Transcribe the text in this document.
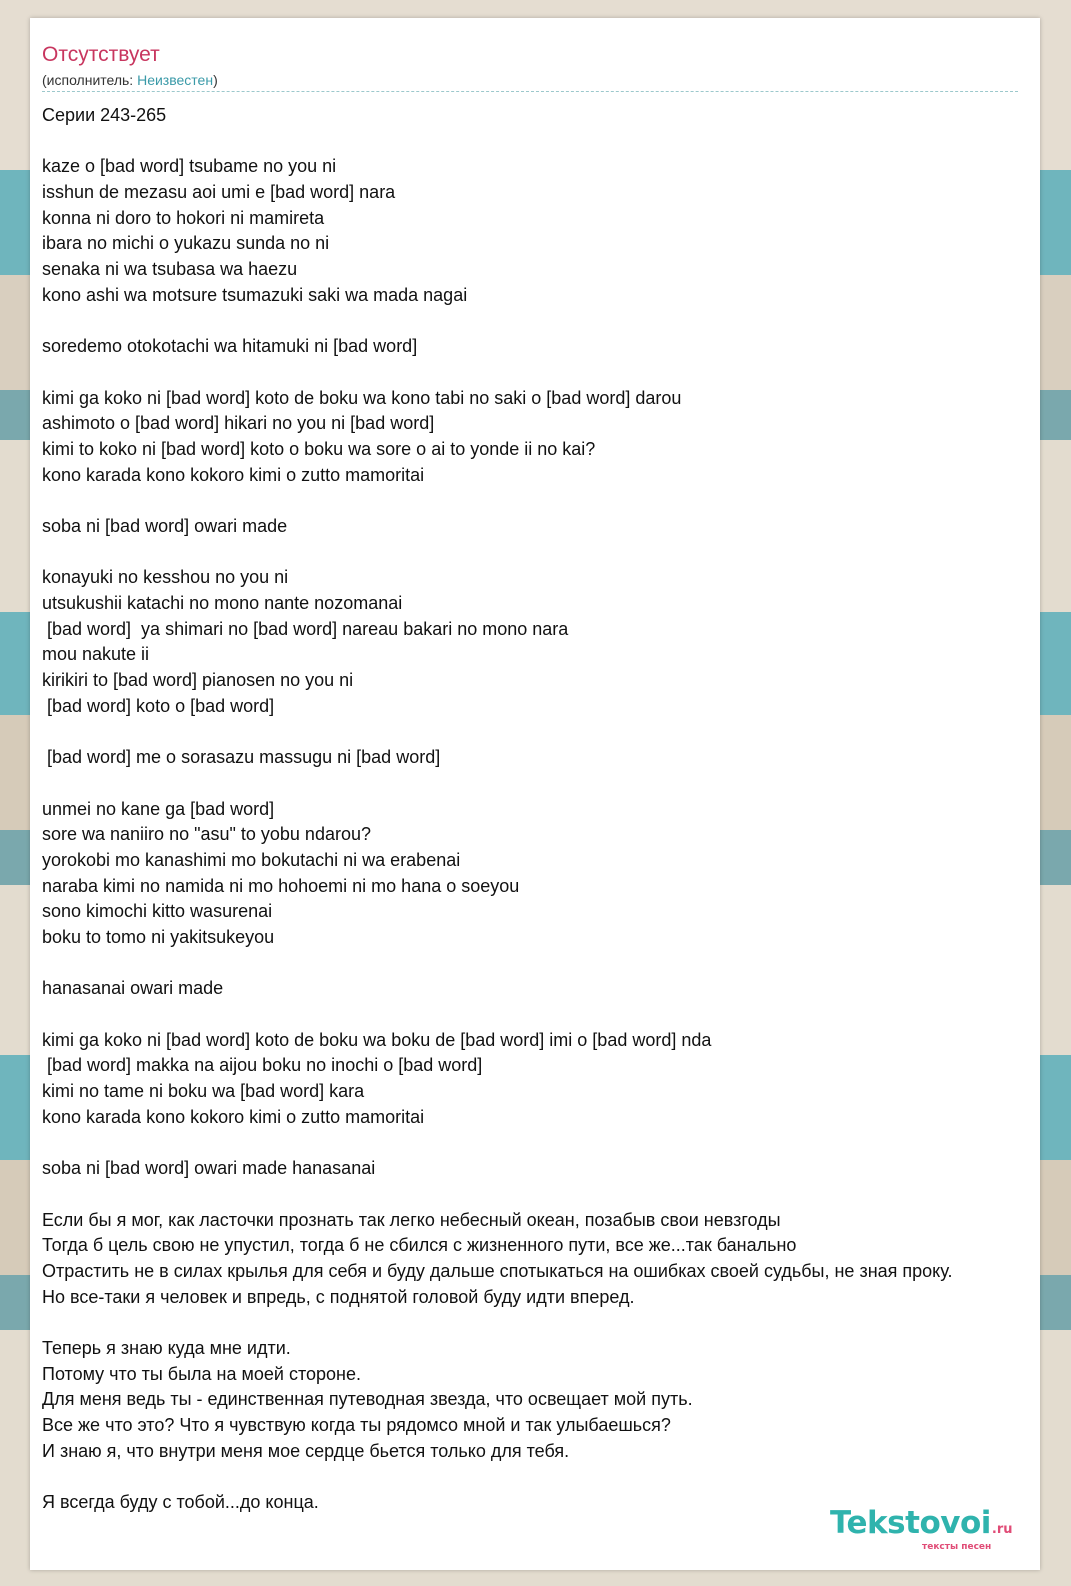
Отсутствует
(исполнитель: Неизвестен)
Серии 243-265
kaze o [bad word] tsubame no you ni
isshun de mezasu aoi umi e [bad word] nara
konna ni doro to hokori ni mamireta
ibara no michi o yukazu sunda no ni
senaka ni wa tsubasa wa haezu
kono ashi wa motsure tsumazuki saki wa mada nagai
soredemo otokotachi wa hitamuki ni [bad word]
kimi ga koko ni [bad word] koto de boku wa kono tabi no saki o [bad word] darou
ashimoto o [bad word] hikari no you ni [bad word]
kimi to koko ni [bad word] koto o boku wa sore o ai to yonde ii no kai?
kono karada kono kokoro kimi o zutto mamoritai
soba ni [bad word] owari made
konayuki no kesshou no you ni
utsukushii katachi no mono nante nozomanai
[bad word]  ya shimari no [bad word] nareau bakari no mono nara
mou nakute ii
kirikiri to [bad word] pianosen no you ni
[bad word] koto o [bad word]
[bad word] me o sorasazu massugu ni [bad word]
unmei no kane ga [bad word]
sore wa naniiro no "asu" to yobu ndarou?
yorokobi mo kanashimi mo bokutachi ni wa erabenai
naraba kimi no namida ni mo hohoemi ni mo hana o soeyou
sono kimochi kitto wasurenai
boku to tomo ni yakitsukeyou
hanasanai owari made
kimi ga koko ni [bad word] koto de boku wa boku de [bad word] imi o [bad word] nda
[bad word] makka na aijou boku no inochi o [bad word]
kimi no tame ni boku wa [bad word] kara
kono karada kono kokoro kimi o zutto mamoritai
soba ni [bad word] owari made hanasanai
Если бы я мог, как ласточки прознать так легко небесный океан, позабыв свои невзгоды
Тогда б цель свою не упустил, тогда б не сбился с жизненного пути, все же...так банально
Отрастить не в силах крылья для себя и буду дальше спотыкаться на ошибках своей судьбы, не зная проку.
Но все-таки я человек и впредь, с поднятой головой буду идти вперед.
Теперь я знаю куда мне идти.
Потому что ты была на моей стороне.
Для меня ведь ты - единственная путеводная звезда, что освещает мой путь.
Все же что это? Что я чувствую когда ты рядомсо мной и так улыбаешься?
И знаю я, что внутри меня мое сердце бьется только для тебя.
Я всегда буду с тобой...до конца.
Tekstovoi.ru
тексты песен
